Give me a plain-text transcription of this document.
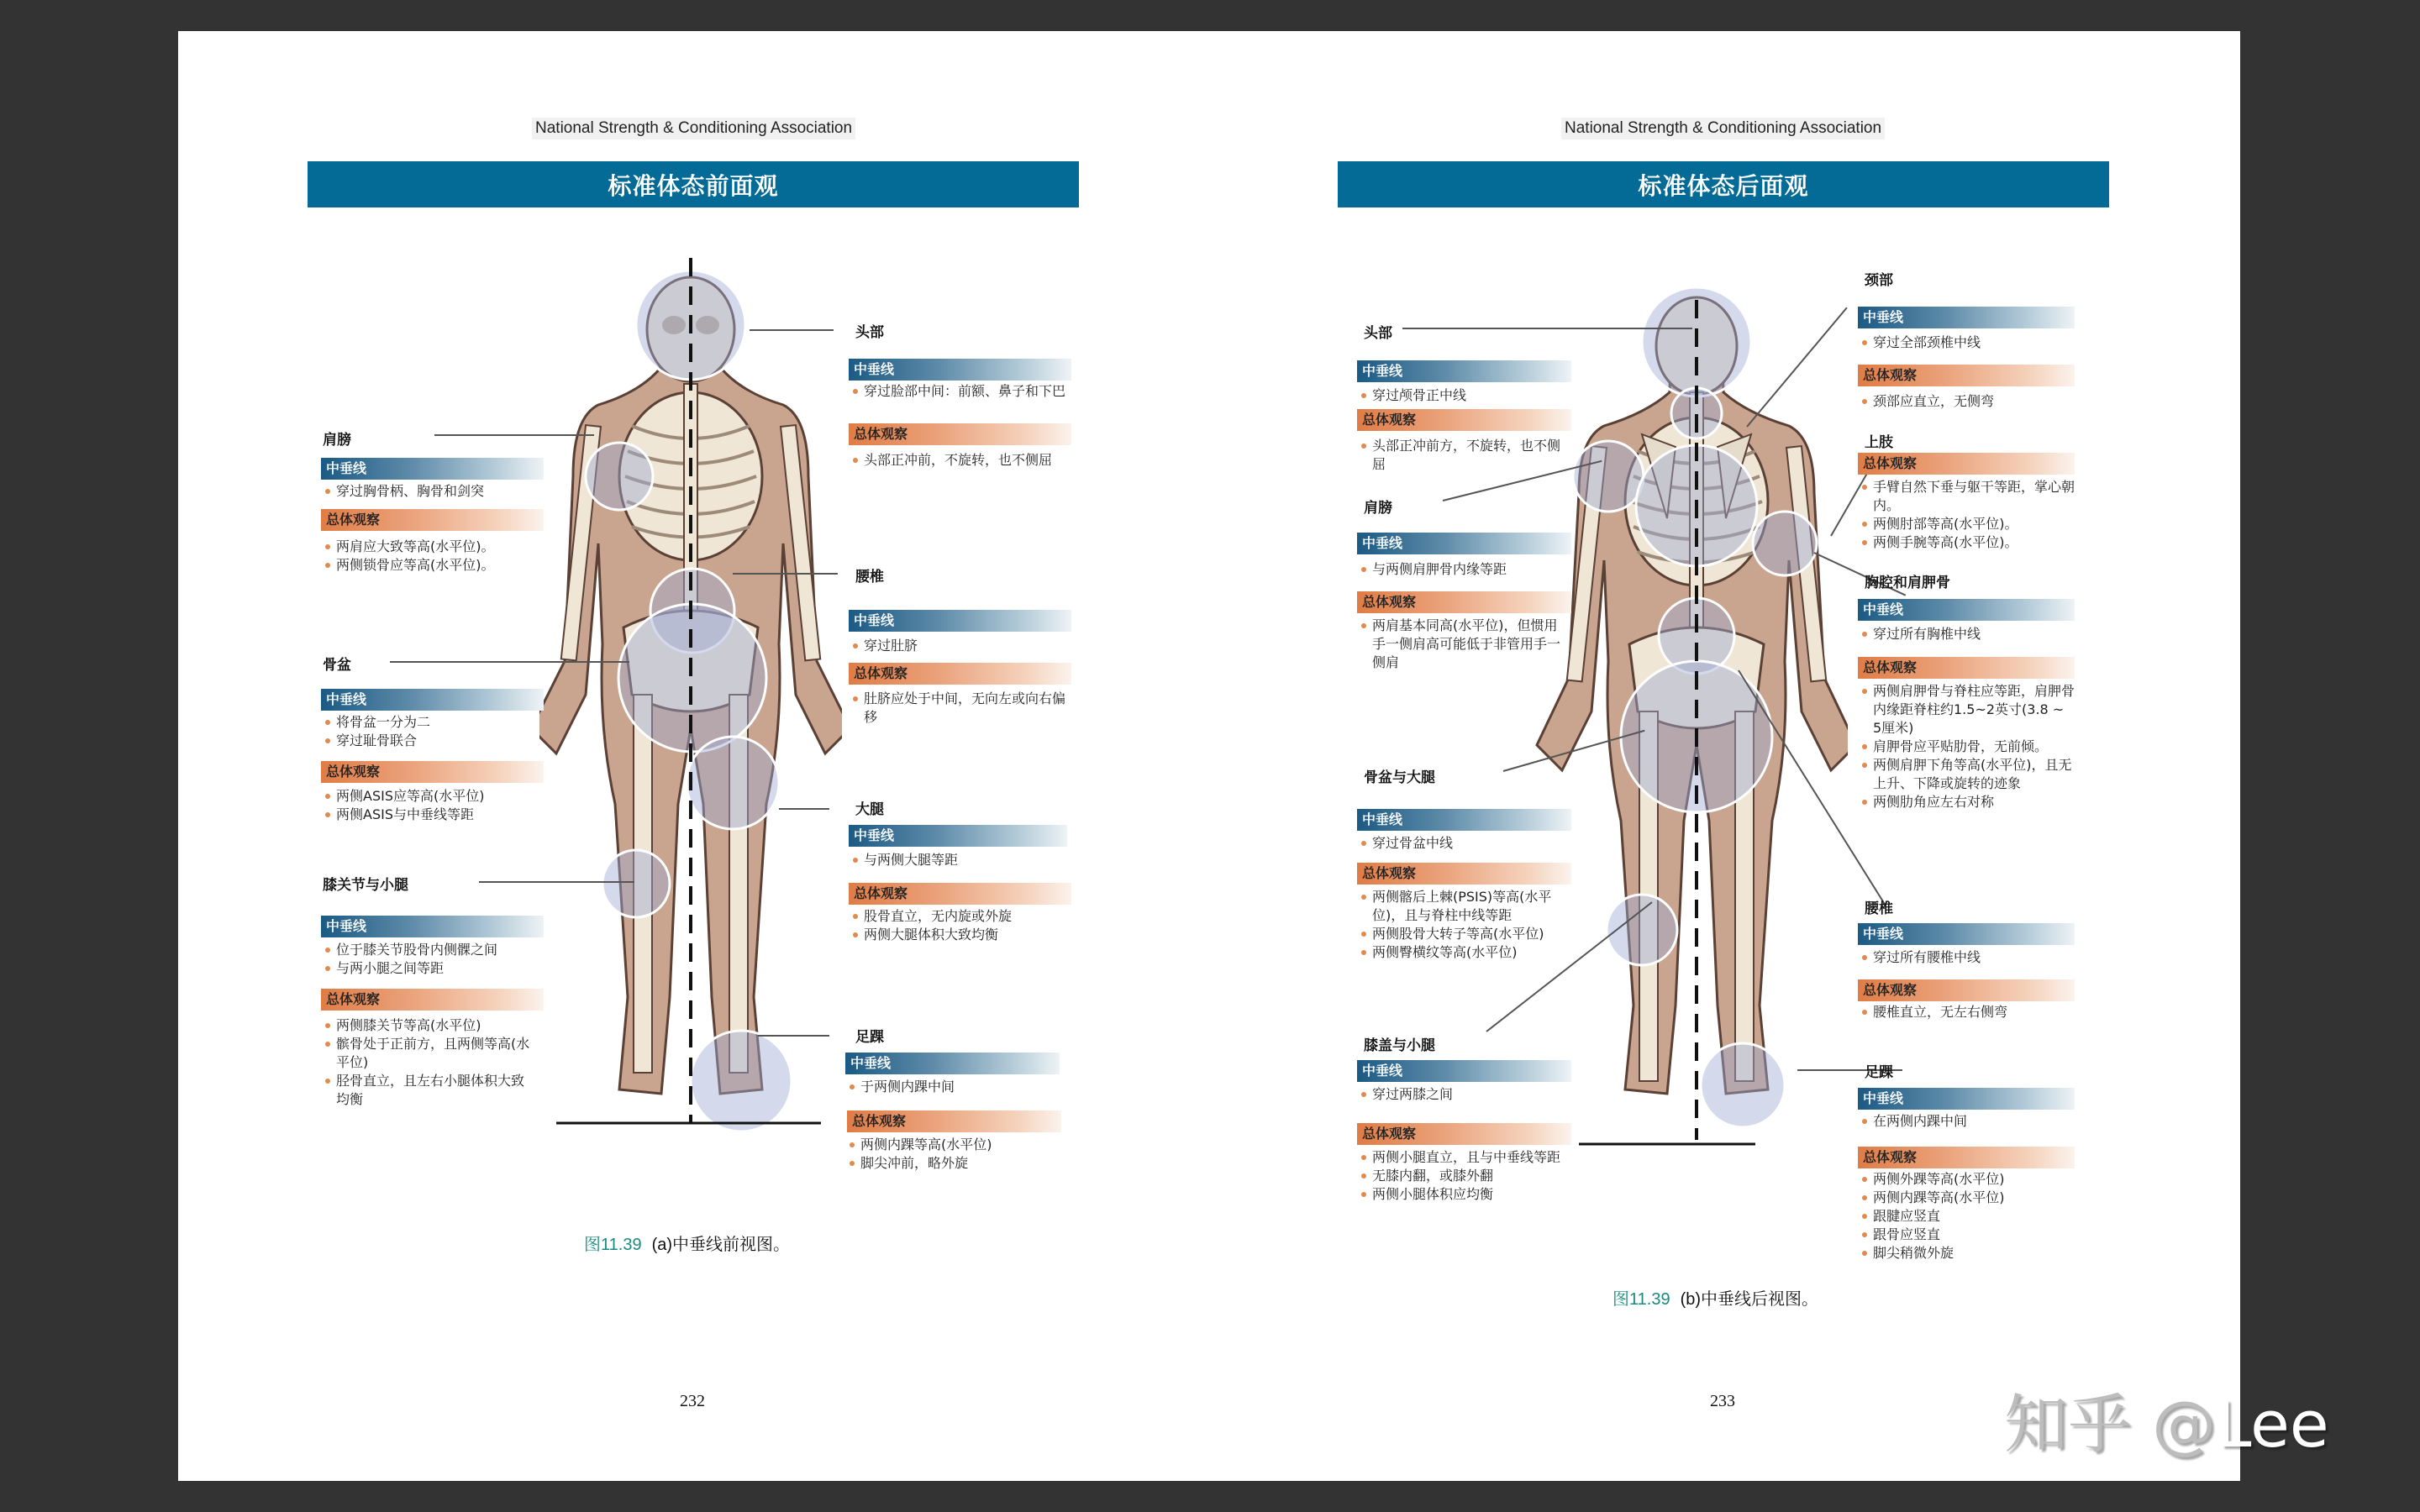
National Strength & Conditioning Association
标准体态前面观
肩膀
中垂线
穿过胸骨柄、胸骨和剑突
总体观察
两肩应大致等高(水平位)。
两侧锁骨应等高(水平位)。
骨盆
中垂线
将骨盆一分为二
穿过耻骨联合
总体观察
两侧ASIS应等高(水平位)
两侧ASIS与中垂线等距
膝关节与小腿
中垂线
位于膝关节股骨内侧髁之间
与两小腿之间等距
总体观察
两侧膝关节等高(水平位)
髌骨处于正前方，且两侧等高(水平位)
胫骨直立，且左右小腿体积大致均衡
头部
中垂线
穿过脸部中间：前额、鼻子和下巴
总体观察
头部正冲前，不旋转，也不侧屈
腰椎
中垂线
穿过肚脐
总体观察
肚脐应处于中间，无向左或向右偏移
大腿
中垂线
与两侧大腿等距
总体观察
股骨直立，无内旋或外旋
两侧大腿体积大致均衡
足踝
中垂线
于两侧内踝中间
总体观察
两侧内踝等高(水平位)
脚尖冲前，略外旋
图11.39 (a)中垂线前视图。
232
National Strength & Conditioning Association
标准体态后面观
头部
中垂线
穿过颅骨正中线
总体观察
头部正冲前方，不旋转，也不侧屈
肩膀
中垂线
与两侧肩胛骨内缘等距
总体观察
两肩基本同高(水平位)，但惯用手一侧肩高可能低于非管用手一侧肩
骨盆与大腿
中垂线
穿过骨盆中线
总体观察
两侧髂后上棘(PSIS)等高(水平位)，且与脊柱中线等距
两侧股骨大转子等高(水平位)
两侧臀横纹等高(水平位)
膝盖与小腿
中垂线
穿过两膝之间
总体观察
两侧小腿直立，且与中垂线等距
无膝内翻，或膝外翻
两侧小腿体积应均衡
颈部
中垂线
穿过全部颈椎中线
总体观察
颈部应直立，无侧弯
上肢
总体观察
手臂自然下垂与躯干等距，掌心朝内。
两侧肘部等高(水平位)。
两侧手腕等高(水平位)。
胸腔和肩胛骨
中垂线
穿过所有胸椎中线
总体观察
两侧肩胛骨与脊柱应等距，肩胛骨内缘距脊柱约1.5~2英寸(3.8 ~ 5厘米)
肩胛骨应平贴肋骨，无前倾。
两侧肩胛下角等高(水平位)，且无上升、下降或旋转的迹象
两侧肋角应左右对称
腰椎
中垂线
穿过所有腰椎中线
总体观察
腰椎直立，无左右侧弯
足踝
中垂线
在两侧内踝中间
总体观察
两侧外踝等高(水平位)
两侧内踝等高(水平位)
跟腱应竖直
跟骨应竖直
脚尖稍微外旋
图11.39 (b)中垂线后视图。
233	知乎 @Lee
